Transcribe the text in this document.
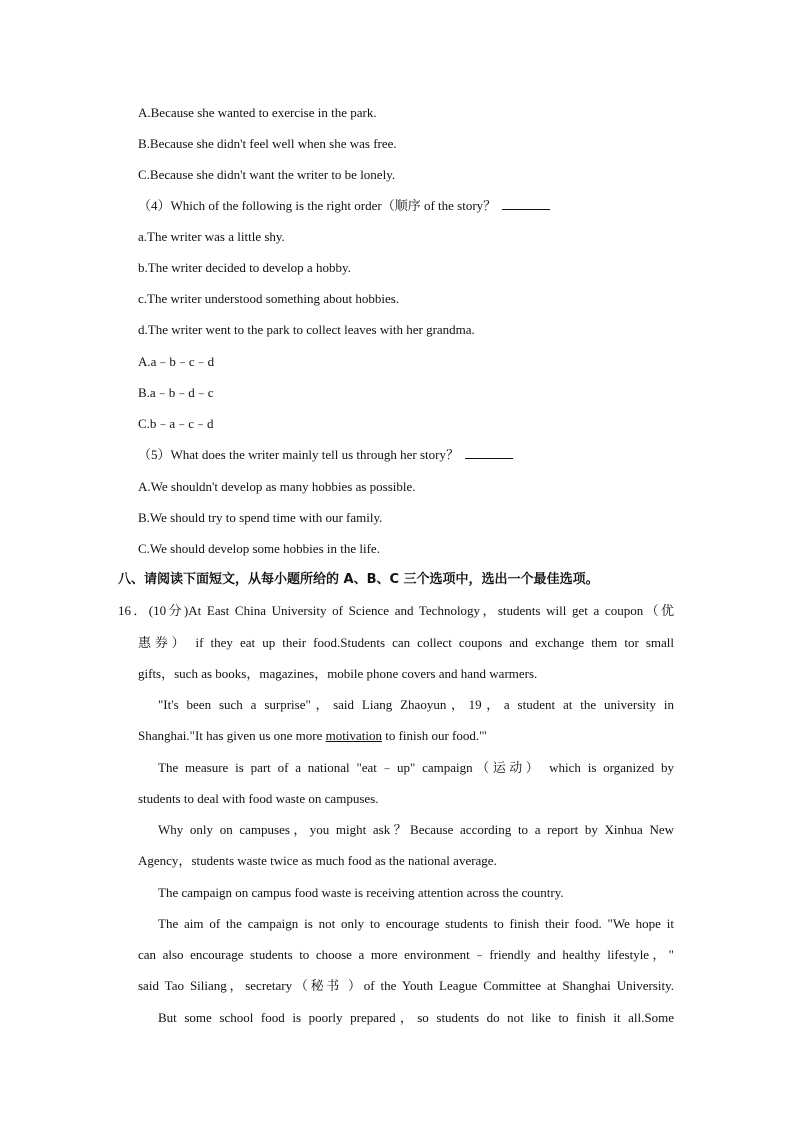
A.Because she wanted to exercise in the park.
B.Because she didn't feel well when she was free.
C.Because she didn't want the writer to be lonely.
（4）Which of the following is the right order（顺序 of the story？
a.The writer was a little shy.
b.The writer decided to develop a hobby.
c.The writer understood something about hobbies.
d.The writer went to the park to collect leaves with her grandma.
A.a﹣b﹣c﹣d
B.a﹣b﹣d﹣c
C.b﹣a﹣c﹣d
（5）What does the writer mainly tell us through her story？
A.We shouldn't develop as many hobbies as possible.
B.We should try to spend time with our family.
C.We should develop some hobbies in the life.
八、请阅读下面短文，从每小题所给的 A、B、C 三个选项中，选出一个最佳选项。
16．(10分)At East China University of Science and Technology，students will get a coupon（优
惠券） if they eat up their food.Students can collect coupons and exchange them tor small
gifts，such as books，magazines，mobile phone covers and hand warmers.
"It's been such a surprise"，said Liang Zhaoyun，19，a student at the university in
Shanghai."It has given us one more motivation to finish our food."'
The measure is part of a national "eat﹣up" campaign（运动） which is organized by
students to deal with food waste on campuses.
Why only on campuses，you might ask？Because according to a report by Xinhua New
Agency，students waste twice as much food as the national average.
The campaign on campus food waste is receiving attention across the country.
The aim of the campaign is not only to encourage students to finish their food. "We hope it
can also encourage students to choose a more environment﹣friendly and healthy lifestyle，"
said Tao Siliang，secretary（秘书 ）of the Youth League Committee at Shanghai University.
But some school food is poorly prepared，so students do not like to finish it all.Some
